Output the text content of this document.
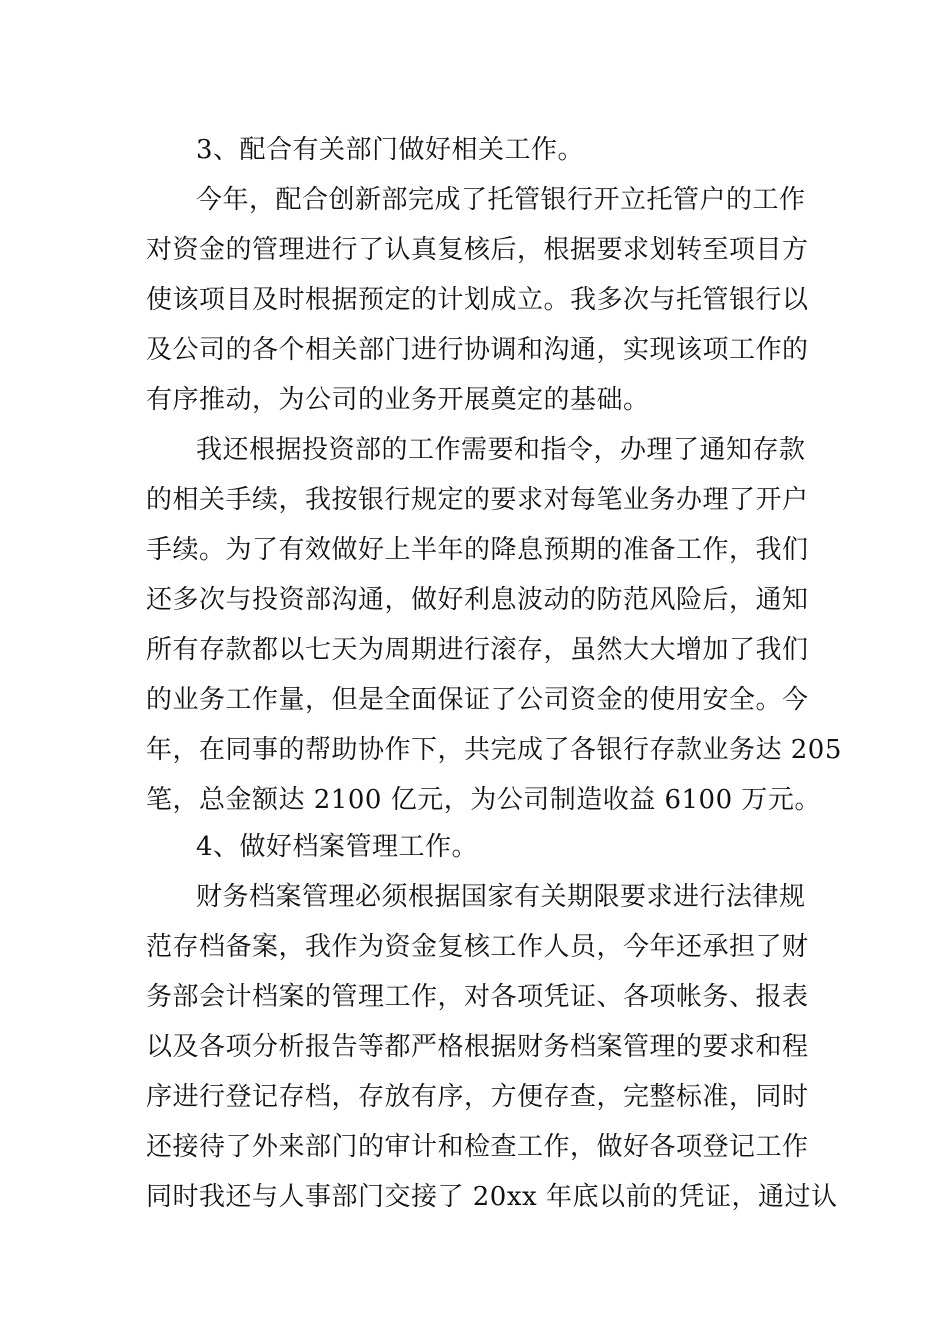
3、配合有关部门做好相关工作。
今年，配合创新部完成了托管银行开立托管户的工作
对资金的管理进行了认真复核后，根据要求划转至项目方
使该项目及时根据预定的计划成立。我多次与托管银行以
及公司的各个相关部门进行协调和沟通，实现该项工作的
有序推动，为公司的业务开展奠定的基础。
我还根据投资部的工作需要和指令，办理了通知存款
的相关手续，我按银行规定的要求对每笔业务办理了开户
手续。为了有效做好上半年的降息预期的准备工作，我们
还多次与投资部沟通，做好利息波动的防范风险后，通知
所有存款都以七天为周期进行滚存，虽然大大增加了我们
的业务工作量，但是全面保证了公司资金的使用安全。今
年，在同事的帮助协作下，共完成了各银行存款业务达 205
笔，总金额达 2100 亿元，为公司制造收益 6100 万元。
4、做好档案管理工作。
财务档案管理必须根据国家有关期限要求进行法律规
范存档备案，我作为资金复核工作人员，今年还承担了财
务部会计档案的管理工作，对各项凭证、各项帐务、报表
以及各项分析报告等都严格根据财务档案管理的要求和程
序进行登记存档，存放有序，方便存查，完整标准，同时
还接待了外来部门的审计和检查工作，做好各项登记工作
同时我还与人事部门交接了 20xx 年底以前的凭证，通过认
